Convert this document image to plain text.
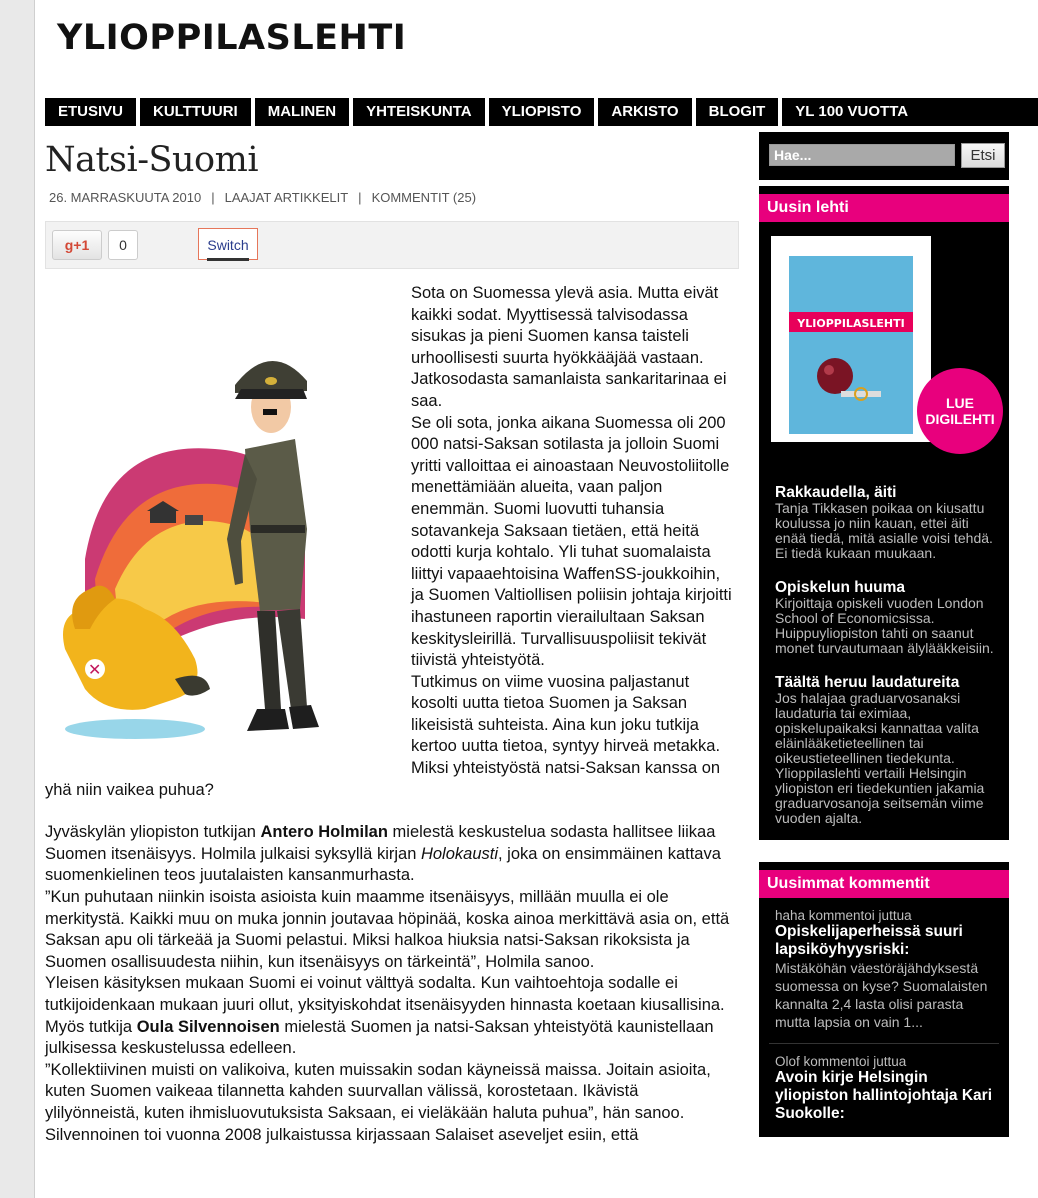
YLIOPPILASLEHTI
ETUSIVU	KULTTUURI	MALINEN	YHTEISKUNTA	YLIOPISTO	ARKISTO	BLOGIT	YL 100 VUOTTA
Natsi-Suomi
26. MARRASKUUTA 2010 | LAAJAT ARTIKKELIT | KOMMENTIT (25)
g+1	0	Switch
✕

Sota on Suomessa ylevä asia. Mutta eivät kaikki sodat. Myyttisessä talvisodassa sisukas ja pieni Suomen kansa taisteli urhoollisesti suurta hyökkääjää vastaan. Jatkosodasta samanlaista sankaritarinaa ei saa.

Se oli sota, jonka aikana Suomessa oli 200 000 natsi-Saksan sotilasta ja jolloin Suomi yritti valloittaa ei ainoastaan Neuvostoliitolle menettämiään alueita, vaan paljon enemmän. Suomi luovutti tuhansia sotavankeja Saksaan tietäen, että heitä odotti kurja kohtalo. Yli tuhat suomalaista liittyi vapaaehtoisina WaffenSS-joukkoihin, ja Suomen Valtiollisen poliisin johtaja kirjoitti ihastuneen raportin vierailultaan Saksan keskitysleirillä. Turvallisuuspoliisit tekivät tiivistä yhteistyötä.

Tutkimus on viime vuosina paljastanut kosolti uutta tietoa Suomen ja Saksan likeisistä suhteista. Aina kun joku tutkija kertoo uutta tietoa, syntyy hirveä metakka. Miksi yhteistyöstä natsi-Saksan kanssa on yhä niin vaikea puhua?

Jyväskylän yliopiston tutkijan Antero Holmilan mielestä keskustelua sodasta hallitsee liikaa Suomen itsenäisyys. Holmila julkaisi syksyllä kirjan Holokausti, joka on ensimmäinen kattava suomenkielinen teos juutalaisten kansanmurhasta.

”Kun puhutaan niinkin isoista asioista kuin maamme itsenäisyys, millään muulla ei ole merkitystä. Kaikki muu on muka jonnin joutavaa höpinää, koska ainoa merkittävä asia on, että Saksan apu oli tärkeää ja Suomi pelastui. Miksi halkoa hiuksia natsi-Saksan rikoksista ja Suomen osallisuudesta niihin, kun itsenäisyys on tärkeintä”, Holmila sanoo.

Yleisen käsityksen mukaan Suomi ei voinut välttyä sodalta. Kun vaihtoehtoja sodalle ei tutkijoidenkaan mukaan juuri ollut, yksityiskohdat itsenäisyyden hinnasta koetaan kiusallisina.

Myös tutkija Oula Silvennoisen mielestä Suomen ja natsi-Saksan yhteistyötä kaunistellaan julkisessa keskustelussa edelleen.

”Kollektiivinen muisti on valikoiva, kuten muissakin sodan käyneissä maissa. Joitain asioita, kuten Suomen vaikeaa tilannetta kahden suurvallan välissä, korostetaan. Ikävistä ylilyönneistä, kuten ihmisluovutuksista Saksaan, ei vieläkään haluta puhua”, hän sanoo.

Silvennoinen toi vuonna 2008 julkaistussa kirjassaan Salaiset aseveljet esiin, että

Hae...
Etsi
Uusin lehti
YLIOPPILASLEHTI
LUE
DIGILEHTI
Rakkaudella, äiti
Tanja Tikkasen poikaa on kiusattu koulussa jo niin kauan, ettei äiti enää tiedä, mitä asialle voisi tehdä. Ei tiedä kukaan muukaan.
Opiskelun huuma
Kirjoittaja opiskeli vuoden London School of Economicsissa. Huippuyliopiston tahti on saanut monet turvautumaan älylääkkeisiin.
Täältä heruu laudatureita
Jos halajaa graduarvosanaksi laudaturia tai eximiaa, opiskelupaikaksi kannattaa valita eläinlääketieteellinen tai oikeustieteellinen tiedekunta. Ylioppilaslehti vertaili Helsingin yliopiston eri tiedekuntien jakamia graduarvosanoja seitsemän viime vuoden ajalta.
Uusimmat kommentit
haha kommentoi juttua
Opiskelijaperheissä suuri lapsiköyhyysriski:
Mistäköhän väestöräjähdyksestä suomessa on kyse? Suomalaisten kannalta 2,4 lasta olisi parasta mutta lapsia on vain 1...
Olof kommentoi juttua
Avoin kirje Helsingin yliopiston hallintojohtaja Kari Suokolle:
